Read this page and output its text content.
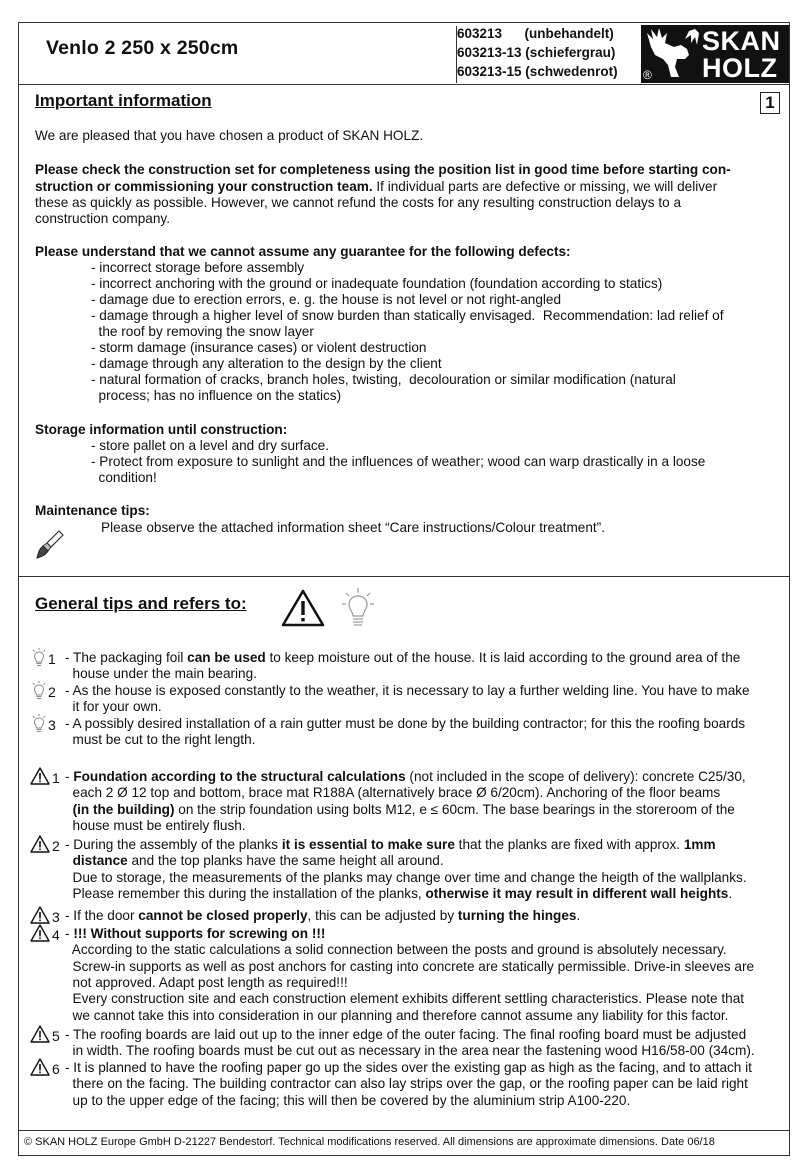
Venlo 2 250 x 250cm
603213      (unbehandelt)
603213-13 (schiefergrau)
603213-15 (schwedenrot)
SKAN
HOLZ
®
Important information	1
We are pleased that you have chosen a product of SKAN HOLZ.
Please check the construction set for completeness using the position list in good time before starting con-
struction or commissioning your construction team. If individual parts are defective or missing, we will deliver
these as quickly as possible. However, we cannot refund the costs for any resulting construction delays to a
construction company.
Please understand that we cannot assume any guarantee for the following defects:
Storage information until construction:
Maintenance tips:
Please observe the attached information sheet “Care instructions/Colour treatment”.
General tips and refers to:
© SKAN HOLZ Europe GmbH D-21227 Bendestorf. Technical modifications reserved. All dimensions are approximate dimensions. Date 06/18
- incorrect storage before assembly
- incorrect anchoring with the ground or inadequate foundation (foundation according to statics)
- damage due to erection errors, e. g. the house is not level or not right-angled
- damage through a higher level of snow burden than statically envisaged.  Recommendation: lad relief of
the roof by removing the snow layer
- storm damage (insurance cases) or violent destruction
- damage through any alteration to the design by the client
- natural formation of cracks, branch holes, twisting,  decolouration or similar modification (natural
process; has no influence on the statics)
- store pallet on a level and dry surface.
- Protect from exposure to sunlight and the influences of weather; wood can warp drastically in a loose
condition!
1 - The packaging foil can be used to keep moisture out of the house. It is laid according to the ground area of the
house under the main bearing.
2 - As the house is exposed constantly to the weather, it is necessary to lay a further welding line. You have to make
it for your own.
3 - A possibly desired installation of a rain gutter must be done by the building contractor; for this the roofing boards
must be cut to the right length.
1 - Foundation according to the structural calculations (not included in the scope of delivery): concrete C25/30,
each 2 Ø 12 top and bottom, brace mat R188A (alternatively brace Ø 6/20cm). Anchoring of the floor beams
(in the building) on the strip foundation using bolts M12, e ≤ 60cm. The base bearings in the storeroom of the
house must be entirely flush.
2 - During the assembly of the planks it is essential to make sure that the planks are fixed with approx. 1mm
distance and the top planks have the same height all around.
Due to storage, the measurements of the planks may change over time and change the heigth of the wallplanks.
Please remember this during the installation of the planks, otherwise it may result in different wall heights.
3 - If the door cannot be closed properly, this can be adjusted by turning the hinges.
4 - !!! Without supports for screwing on !!!
According to the static calculations a solid connection between the posts and ground is absolutely necessary.
Screw-in supports as well as post anchors for casting into concrete are statically permissible. Drive-in sleeves are
not approved. Adapt post length as required!!!
Every construction site and each construction element exhibits different settling characteristics. Please note that
we cannot take this into consideration in our planning and therefore cannot assume any liability for this factor.
5 - The roofing boards are laid out up to the inner edge of the outer facing. The final roofing board must be adjusted
in width. The roofing boards must be cut out as necessary in the area near the fastening wood H16/58-00 (34cm).
6 - It is planned to have the roofing paper go up the sides over the existing gap as high as the facing, and to attach it
there on the facing. The building contractor can also lay strips over the gap, or the roofing paper can be laid right
up to the upper edge of the facing; this will then be covered by the aluminium strip A100-220.
